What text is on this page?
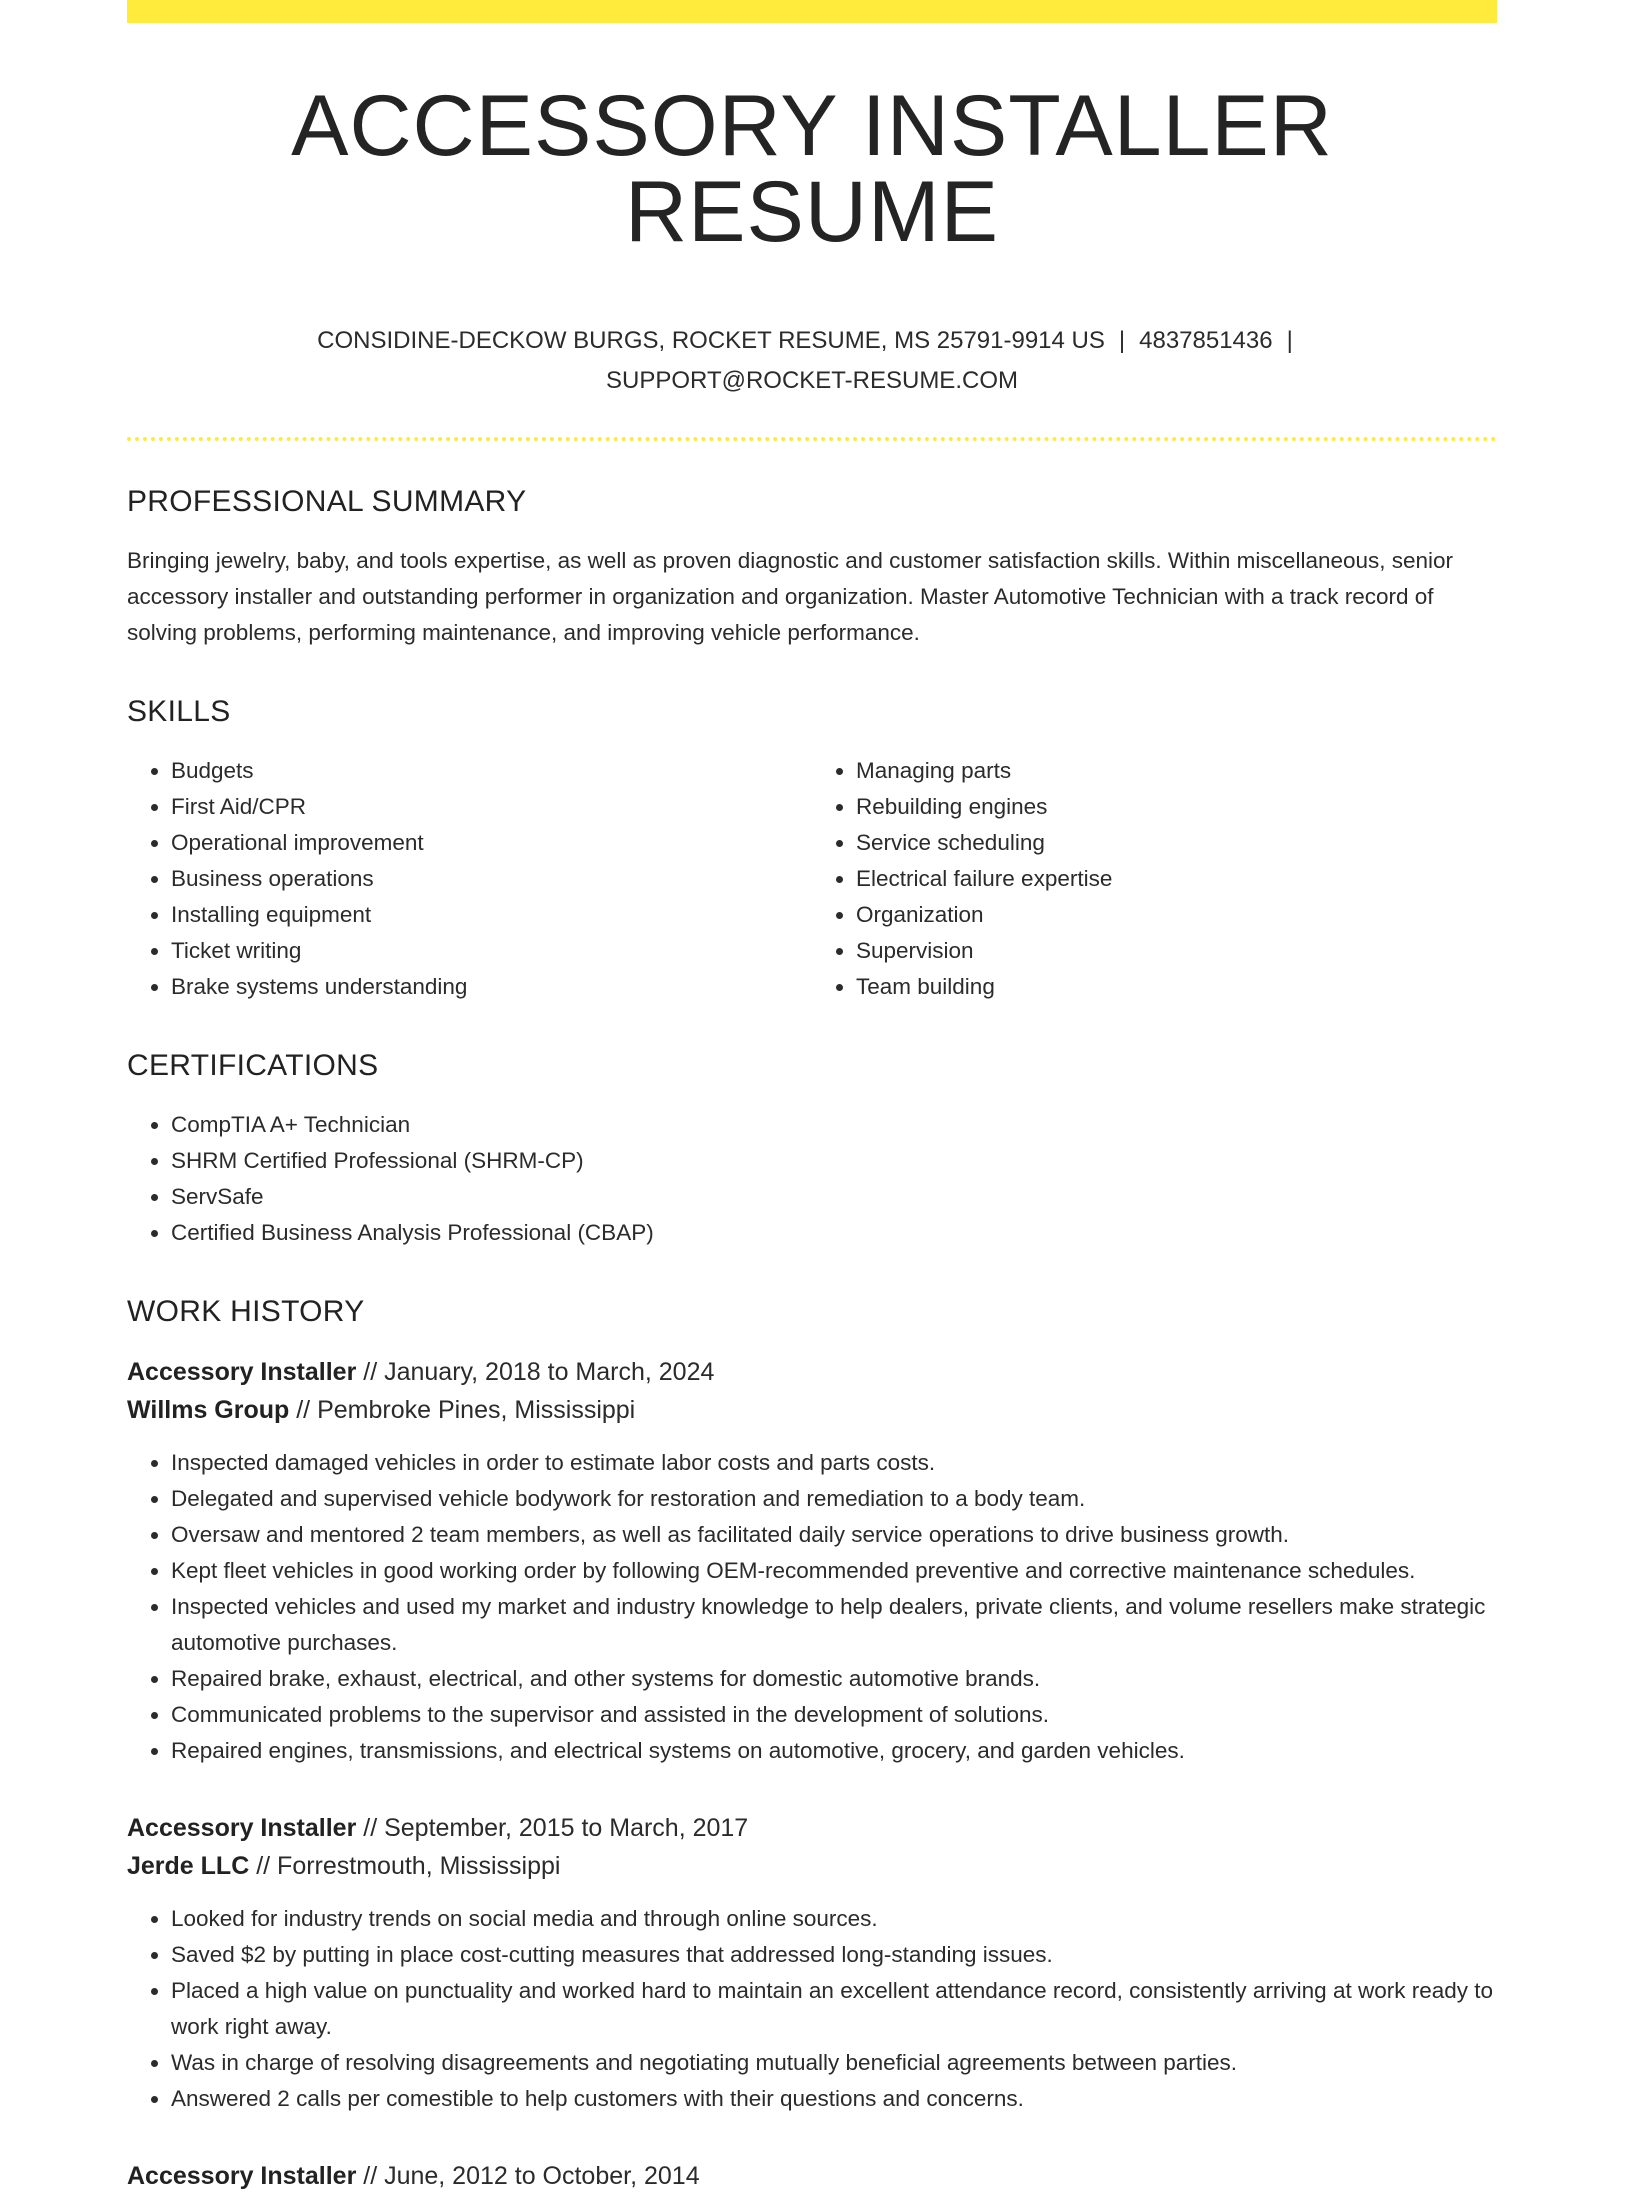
ACCESSORY INSTALLER RESUME
CONSIDINE-DECKOW BURGS, ROCKET RESUME, MS 25791-9914 US | 4837851436 |
SUPPORT@ROCKET-RESUME.COM
PROFESSIONAL SUMMARY

Bringing jewelry, baby, and tools expertise, as well as proven diagnostic and customer satisfaction skills. Within miscellaneous, senior accessory installer and outstanding performer in organization and organization. Master Automotive Technician with a track record of solving problems, performing maintenance, and improving vehicle performance.

SKILLS
• Budgets
• First Aid/CPR
• Operational improvement
• Business operations
• Installing equipment
• Ticket writing
• Brake systems understanding
• Managing parts
• Rebuilding engines
• Service scheduling
• Electrical failure expertise
• Organization
• Supervision
• Team building
CERTIFICATIONS
• CompTIA A+ Technician
• SHRM Certified Professional (SHRM-CP)
• ServSafe
• Certified Business Analysis Professional (CBAP)
WORK HISTORY
Accessory Installer // January, 2018 to March, 2024
Willms Group // Pembroke Pines, Mississippi
• Inspected damaged vehicles in order to estimate labor costs and parts costs.
• Delegated and supervised vehicle bodywork for restoration and remediation to a body team.
• Oversaw and mentored 2 team members, as well as facilitated daily service operations to drive business growth.
• Kept fleet vehicles in good working order by following OEM-recommended preventive and corrective maintenance schedules.
• Inspected vehicles and used my market and industry knowledge to help dealers, private clients, and volume resellers make strategic automotive purchases.
• Repaired brake, exhaust, electrical, and other systems for domestic automotive brands.
• Communicated problems to the supervisor and assisted in the development of solutions.
• Repaired engines, transmissions, and electrical systems on automotive, grocery, and garden vehicles.
Accessory Installer // September, 2015 to March, 2017
Jerde LLC // Forrestmouth, Mississippi
• Looked for industry trends on social media and through online sources.
• Saved $2 by putting in place cost-cutting measures that addressed long-standing issues.
• Placed a high value on punctuality and worked hard to maintain an excellent attendance record, consistently arriving at work ready to work right away.
• Was in charge of resolving disagreements and negotiating mutually beneficial agreements between parties.
• Answered 2 calls per comestible to help customers with their questions and concerns.
Accessory Installer // June, 2012 to October, 2014
